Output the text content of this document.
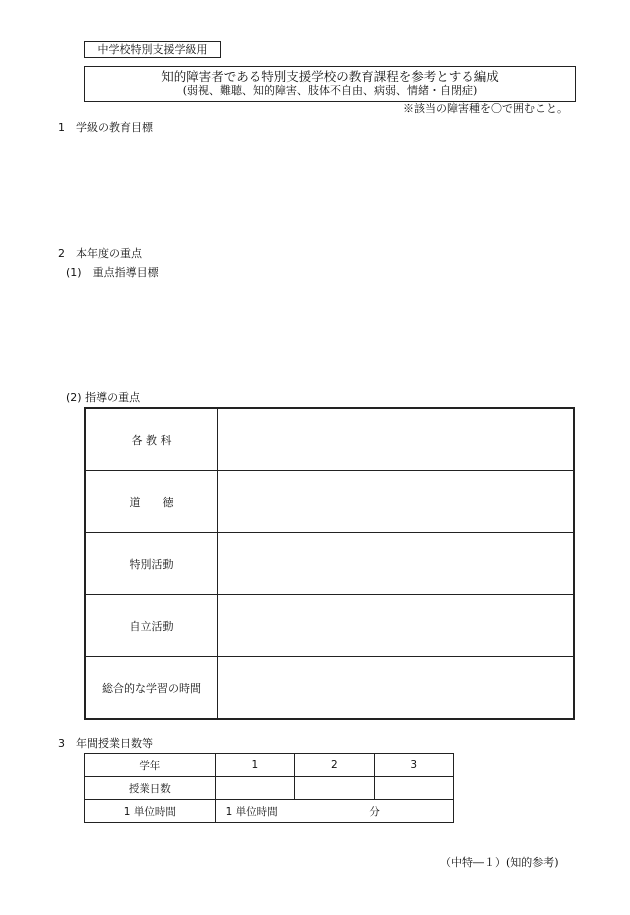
中学校特別支援学級用
知的障害者である特別支援学校の教育課程を参考とする編成
(弱視、難聴、知的障害、肢体不自由、病弱、情緒・自閉症)
※該当の障害種を〇で囲むこと。
1　学級の教育目標
2　本年度の重点
(1)　重点指導目標
(2) 指導の重点
各 教 科	
道　　徳	
特別活動	
自立活動	
総合的な学習の時間	
3　年間授業日数等
学年	1	2	3
授業日数			
1 単位時間	1 単位時間 分		
（中特―１）(知的参考)
